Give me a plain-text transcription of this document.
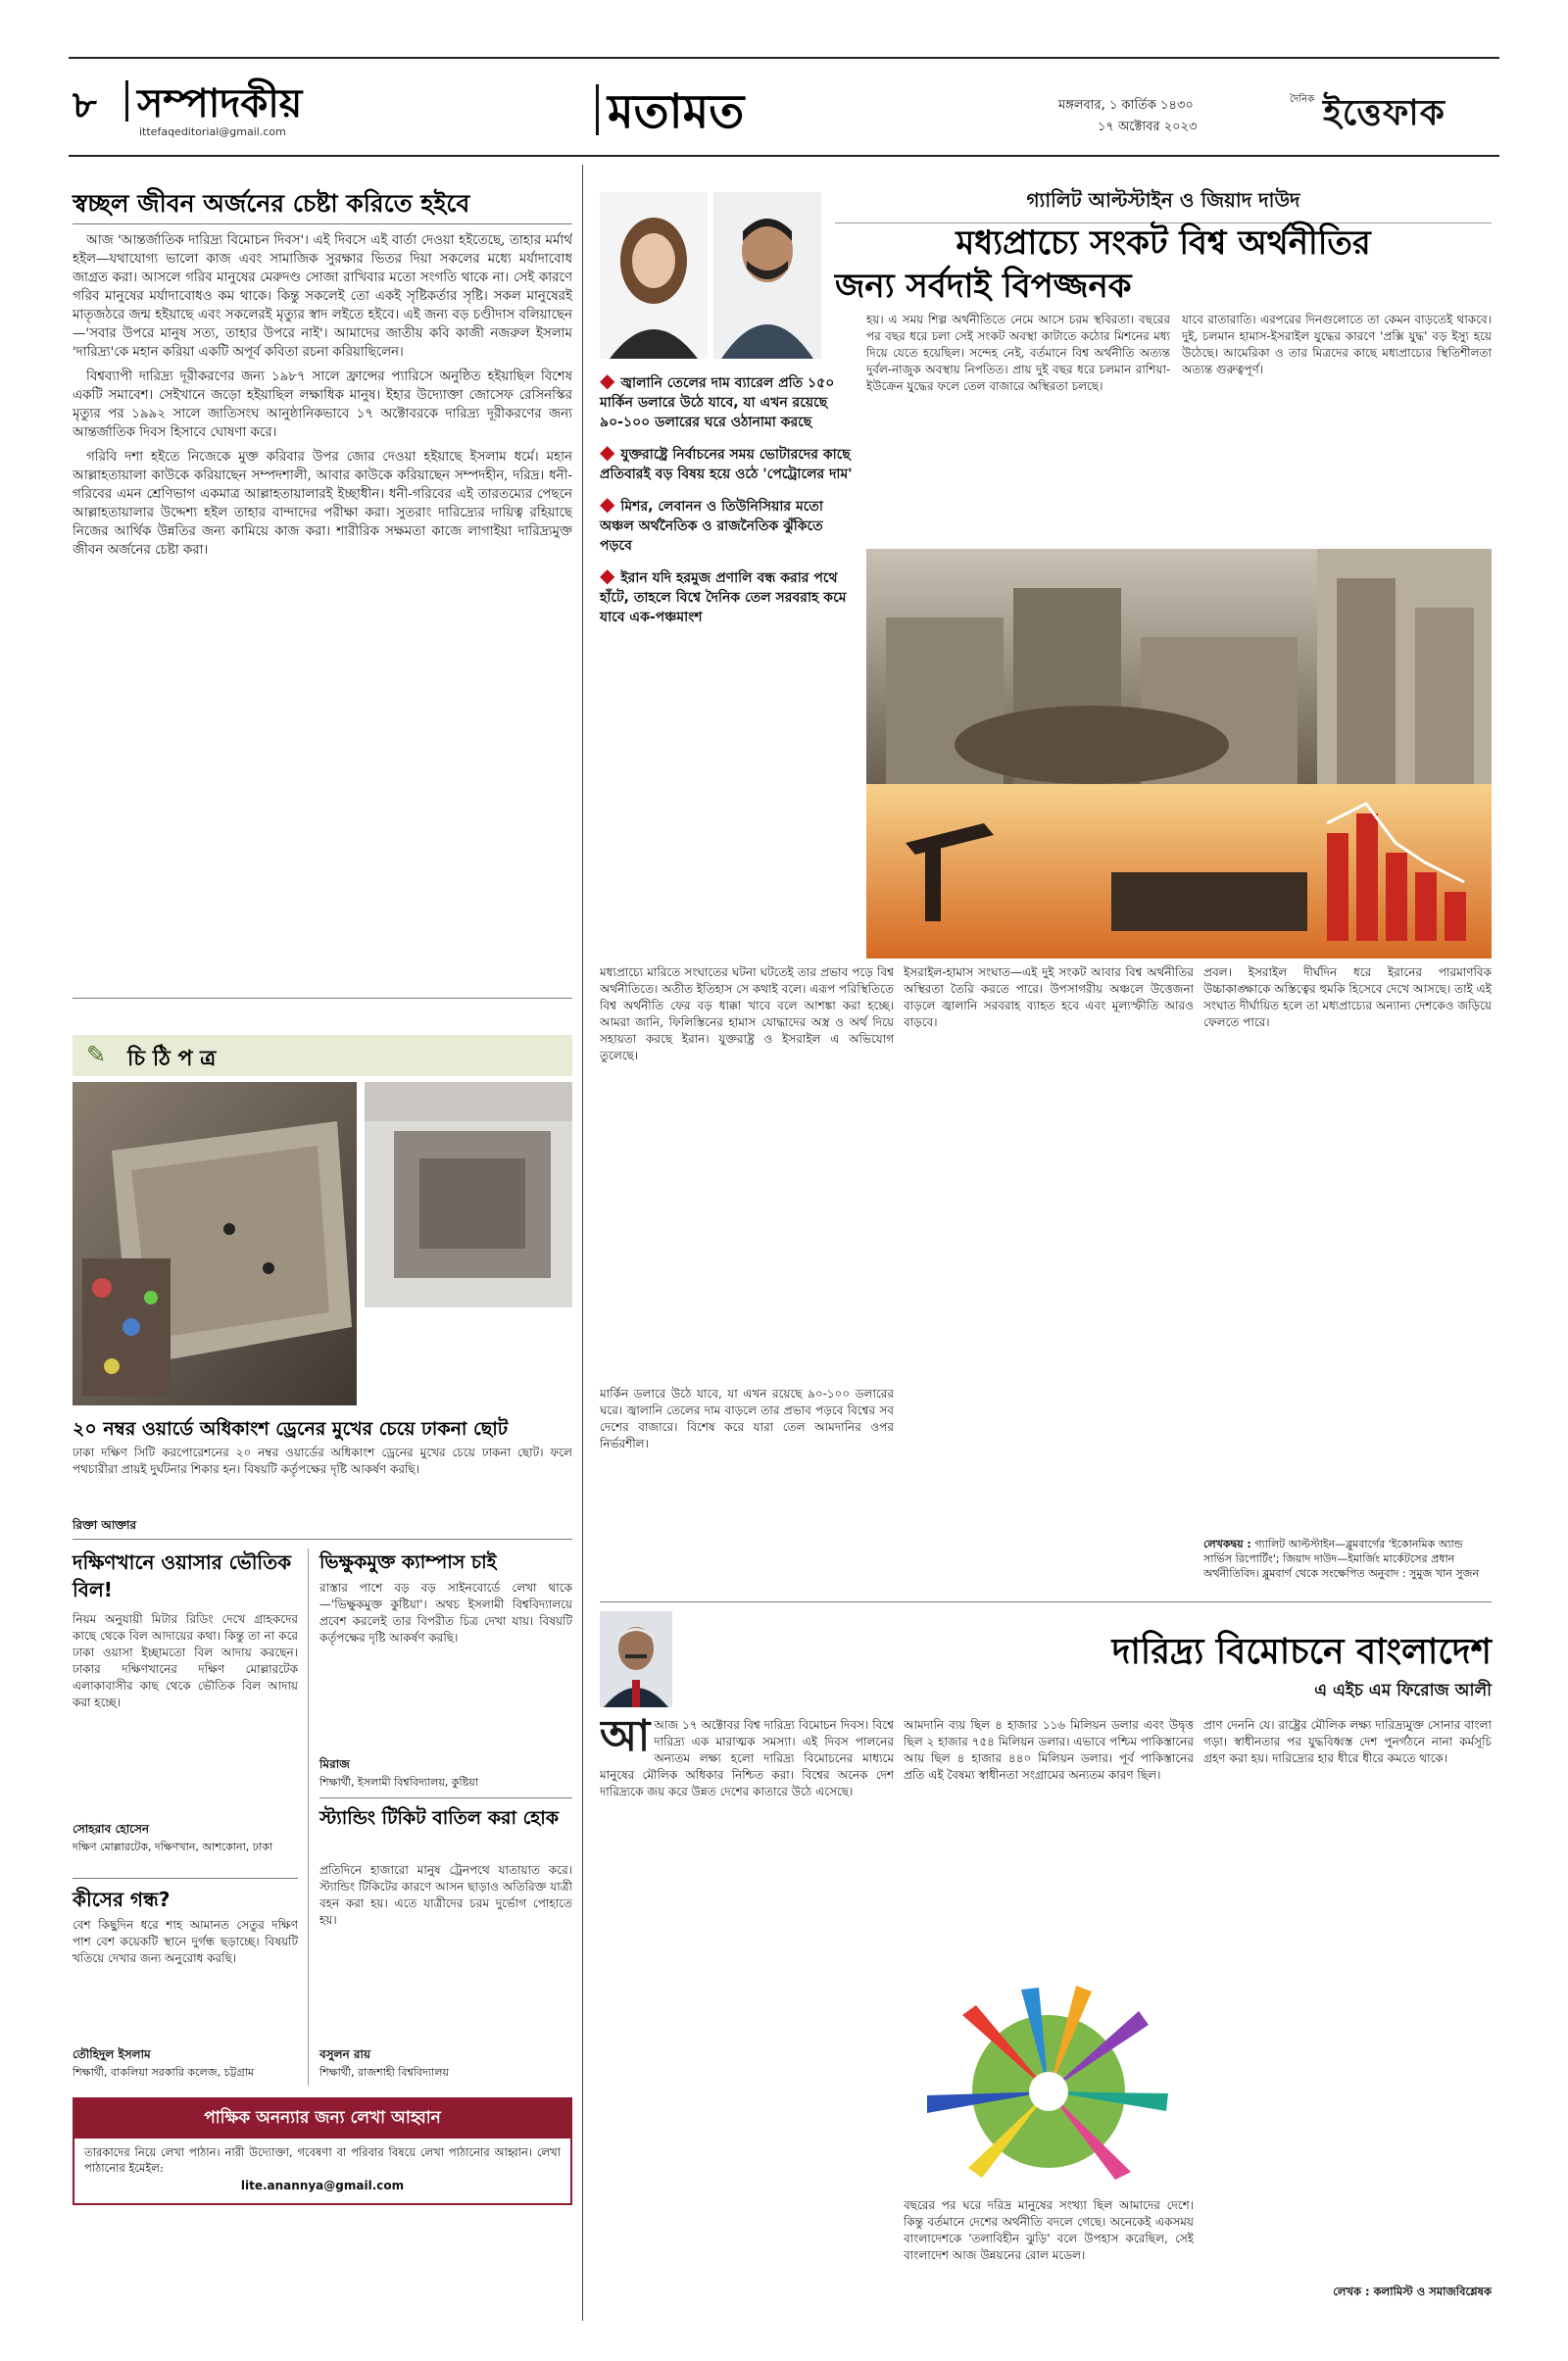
৮ সম্পাদকীয়
ittefaqeditorial@gmail.com	মতামত	মঙ্গলবার, ১ কার্তিক ১৪৩০
১৭ অক্টোবর ২০২৩
দৈনিক ইত্তেফাক
স্বচ্ছল জীবন অর্জনের চেষ্টা করিতে হইবে

আজ 'আন্তর্জাতিক দারিদ্র্য বিমোচন দিবস'। এই দিবসে এই বার্তা দেওয়া হইতেছে, তাহার মর্মার্থ হইল—যথাযোগ্য ভালো কাজ এবং সামাজিক সুরক্ষার ভিতর দিয়া সকলের মধ্যে মর্যাদাবোধ জাগ্রত করা। আসলে গরিব মানুষের মেরুদণ্ড সোজা রাখিবার মতো সংগতি থাকে না। সেই কারণে গরিব মানুষের মর্যাদাবোধও কম থাকে। কিন্তু সকলেই তো একই সৃষ্টিকর্তার সৃষ্টি। সকল মানুষেরই মাতৃজঠরে জন্ম হইয়াছে এবং সকলেরই মৃত্যুর স্বাদ লইতে হইবে। এই জন্য বড় চণ্ডীদাস বলিয়াছেন—'সবার উপরে মানুষ সত্য, তাহার উপরে নাই'। আমাদের জাতীয় কবি কাজী নজরুল ইসলাম 'দারিদ্র্য'কে মহান করিয়া একটি অপূর্ব কবিতা রচনা করিয়াছিলেন।

বিশ্বব্যাপী দারিদ্র্য দূরীকরণের জন্য ১৯৮৭ সালে ফ্রান্সের প্যারিসে অনুষ্ঠিত হইয়াছিল বিশেষ একটি সমাবেশ। সেইখানে জড়ো হইয়াছিল লক্ষাধিক মানুষ। ইহার উদ্যোক্তা জোসেফ রেসিনস্কির মৃত্যুর পর ১৯৯২ সালে জাতিসংঘ আনুষ্ঠানিকভাবে ১৭ অক্টোবরকে দারিদ্র্য দূরীকরণের জন্য আন্তর্জাতিক দিবস হিসাবে ঘোষণা করে।

গরিবি দশা হইতে নিজেকে মুক্ত করিবার উপর জোর দেওয়া হইয়াছে ইসলাম ধর্মে। মহান আল্লাহতায়ালা কাউকে করিয়াছেন সম্পদশালী, আবার কাউকে করিয়াছেন সম্পদহীন, দরিদ্র। ধনী-গরিবের এমন শ্রেণিভাগ একমাত্র আল্লাহতায়ালারই ইচ্ছাধীন। ধনী-গরিবের এই তারতম্যের পেছনে আল্লাহতায়ালার উদ্দেশ্য হইল তাহার বান্দাদের পরীক্ষা করা। সুতরাং দারিদ্র্যের দায়িত্ব রহিয়াছে নিজের আর্থিক উন্নতির জন্য কামিয়ে কাজ করা। শারীরিক সক্ষমতা কাজে লাগাইয়া দারিদ্র্যমুক্ত জীবন অর্জনের চেষ্টা করা।

✎ চি ঠি প ত্র
২০ নম্বর ওয়ার্ডে অধিকাংশ ড্রেনের মুখের চেয়ে ঢাকনা ছোট
ঢাকা দক্ষিণ সিটি করপোরেশনের ২০ নম্বর ওয়ার্ডের অধিকাংশ ড্রেনের মুখের চেয়ে ঢাকনা ছোট। ফলে পথচারীরা প্রায়ই দুর্ঘটনার শিকার হন। বিষয়টি কর্তৃপক্ষের দৃষ্টি আকর্ষণ করছি।
রিক্তা আক্তার
দক্ষিণখানে ওয়াসার ভৌতিক বিল!
নিয়ম অনুযায়ী মিটার রিডিং দেখে গ্রাহকদের কাছে থেকে বিল আদায়ের কথা। কিন্তু তা না করে ঢাকা ওয়াসা ইচ্ছামতো বিল আদায় করছেন। ঢাকার দক্ষিণখানের দক্ষিণ মোল্লারটেক এলাকাবাসীর কাছ থেকে ভৌতিক বিল আদায় করা হচ্ছে।
সোহরাব হোসেন
দক্ষিণ মোল্লারটেক, দক্ষিণখান, আশকোনা, ঢাকা
কীসের গন্ধ?
বেশ কিছুদিন ধরে শাহ আমানত সেতুর দক্ষিণ পাশ বেশ কয়েকটি স্থানে দুর্গন্ধ ছড়াচ্ছে। বিষয়টি খতিয়ে দেখার জন্য অনুরোধ করছি।
তৌহিদুল ইসলাম
শিক্ষার্থী, বাকলিয়া সরকারি কলেজ, চট্টগ্রাম
ভিক্ষুকমুক্ত ক্যাম্পাস চাই
রাস্তার পাশে বড় বড় সাইনবোর্ডে লেখা থাকে—'ভিক্ষুকমুক্ত কুষ্টিয়া'। অথচ ইসলামী বিশ্ববিদ্যালয়ে প্রবেশ করলেই তার বিপরীত চিত্র দেখা যায়। বিষয়টি কর্তৃপক্ষের দৃষ্টি আকর্ষণ করছি।
মিরাজ
শিক্ষার্থী, ইসলামী বিশ্ববিদ্যালয়, কুষ্টিয়া
স্ট্যান্ডিং টিকিট বাতিল করা হোক
প্রতিদিনে হাজারো মানুষ ট্রেনপথে যাতায়াত করে। স্ট্যান্ডিং টিকিটের কারণে আসন ছাড়াও অতিরিক্ত যাত্রী বহন করা হয়। এতে যাত্রীদের চরম দুর্ভোগ পোহাতে হয়।
বসুলন রায়
শিক্ষার্থী, রাজশাহী বিশ্ববিদ্যালয়
পাক্ষিক অনন্যার জন্য লেখা আহ্বান
তারকাদের নিয়ে লেখা পাঠান। নারী উদ্যোক্তা, গবেষণা বা পরিবার বিষয়ে লেখা পাঠানোর আহ্বান। লেখা পাঠানোর ইমেইল:
lite.anannya@gmail.com
গ্যালিট আল্টস্টাইন ও জিয়াদ দাউদ
মধ্যপ্রাচ্যে সংকট বিশ্ব অর্থনীতির
জন্য সর্বদাই বিপজ্জনক
◆ জ্বালানি তেলের দাম ব্যারেল প্রতি ১৫০ মার্কিন ডলারে উঠে যাবে, যা এখন রয়েছে ৯০-১০০ ডলারের ঘরে ওঠানামা করছে
◆ যুক্তরাষ্ট্রে নির্বাচনের সময় ভোটারদের কাছে প্রতিবারই বড় বিষয় হয়ে ওঠে 'পেট্রোলের দাম'
◆ মিশর, লেবানন ও তিউনিসিয়ার মতো অঞ্চল অর্থনৈতিক ও রাজনৈতিক ঝুঁকিতে পড়বে
◆ ইরান যদি হরমুজ প্রণালি বন্ধ করার পথে হাঁটে, তাহলে বিশ্বে দৈনিক তেল সরবরাহ কমে যাবে এক-পঞ্চমাংশ
হয়। এ সময় শিল্প অর্থনীতিতে নেমে আসে চরম স্থবিরতা। বছরের পর বছর ধরে চলা সেই সংকট অবস্থা কাটাতে কঠোর মিশনের মধ্য দিয়ে যেতে হয়েছিল। সন্দেহ নেই, বর্তমানে বিশ্ব অর্থনীতি অত্যন্ত দুর্বল-নাজুক অবস্থায় নিপতিত। প্রায় দুই বছর ধরে চলমান রাশিয়া-ইউক্রেন যুদ্ধের ফলে তেল বাজারে অস্থিরতা চলছে।
যাবে রাতারাতি। এরপরের দিনগুলোতে তা কেমন বাড়তেই থাকবে। দুই, চলমান হামাস-ইসরাইল যুদ্ধের কারণে 'প্রক্সি যুদ্ধ' বড় ইস্যু হয়ে উঠেছে। আমেরিকা ও তার মিত্রদের কাছে মধ্যপ্রাচ্যের স্থিতিশীলতা অত্যন্ত গুরুত্বপূর্ণ।
মধ্যপ্রাচ্যে মারিতে সংঘাতের ঘটনা ঘটতেই তার প্রভাব পড়ে বিশ্ব অর্থনীতিতে। অতীত ইতিহাস সে কথাই বলে। এরূপ পরিস্থিতিতে বিশ্ব অর্থনীতি ফের বড় ধাক্কা খাবে বলে আশঙ্কা করা হচ্ছে। আমরা জানি, ফিলিস্তিনের হামাস যোদ্ধাদের অস্ত্র ও অর্থ দিয়ে সহায়তা করছে ইরান। যুক্তরাষ্ট্র ও ইসরাইল এ অভিযোগ তুলেছে।
মার্কিন ডলারে উঠে যাবে, যা এখন রয়েছে ৯০-১০০ ডলারের ঘরে। জ্বালানি তেলের দাম বাড়লে তার প্রভাব পড়বে বিশ্বের সব দেশের বাজারে। বিশেষ করে যারা তেল আমদানির ওপর নির্ভরশীল।
ইসরাইল-হামাস সংঘাত—এই দুই সংকট আবার বিশ্ব অর্থনীতির অস্থিরতা তৈরি করতে পারে। উপসাগরীয় অঞ্চলে উত্তেজনা বাড়লে জ্বালানি সরবরাহ ব্যাহত হবে এবং মূল্যস্ফীতি আরও বাড়বে।
প্রবল। ইসরাইল দীর্ঘদিন ধরে ইরানের পারমাণবিক উচ্চাকাঙ্ক্ষাকে অস্তিত্বের হুমকি হিসেবে দেখে আসছে। তাই এই সংঘাত দীর্ঘায়িত হলে তা মধ্যপ্রাচ্যের অন্যান্য দেশকেও জড়িয়ে ফেলতে পারে।
লেখকদ্বয় : গ্যালিট আল্টস্টাইন—ব্লুমবার্গের 'ইকোনমিক অ্যান্ড সার্ভিস রিপোর্টিং'; জিয়াদ দাউদ—ইমার্জিং মার্কেটসের প্রধান অর্থনীতিবিদ। ব্লুমবার্গ থেকে সংক্ষেপিত অনুবাদ : সুমুজ খান সুজন
দারিদ্র্য বিমোচনে বাংলাদেশ
এ এইচ এম ফিরোজ আলী
আ আজ ১৭ অক্টোবর বিশ্ব দারিদ্র্য বিমোচন দিবস। বিশ্বে দারিদ্র্য এক মারাত্মক সমস্যা। এই দিবস পালনের অন্যতম লক্ষ্য হলো দারিদ্র্য বিমোচনের মাধ্যমে মানুষের মৌলিক অধিকার নিশ্চিত করা। বিশ্বের অনেক দেশ দারিদ্র্যকে জয় করে উন্নত দেশের কাতারে উঠে এসেছে।
আমদানি ব্যয় ছিল ৪ হাজার ১১৬ মিলিয়ন ডলার এবং উদ্বৃত্ত ছিল ২ হাজার ৭৫৪ মিলিয়ন ডলার। এভাবে পশ্চিম পাকিস্তানের আয় ছিল ৪ হাজার ৪৪০ মিলিয়ন ডলার। পূর্ব পাকিস্তানের প্রতি এই বৈষম্য স্বাধীনতা সংগ্রামের অন্যতম কারণ ছিল।
প্রাণ দেননি যে। রাষ্ট্রের মৌলিক লক্ষ্য দারিদ্র্যমুক্ত সোনার বাংলা গড়া। স্বাধীনতার পর যুদ্ধবিধ্বস্ত দেশ পুনর্গঠনে নানা কর্মসূচি গ্রহণ করা হয়। দারিদ্র্যের হার ধীরে ধীরে কমতে থাকে।
বছরের পর ঘরে দরিদ্র মানুষের সংখ্যা ছিল আমাদের দেশে। কিন্তু বর্তমানে দেশের অর্থনীতি বদলে গেছে। অনেকেই একসময় বাংলাদেশকে 'তলাবিহীন ঝুড়ি' বলে উপহাস করেছিল, সেই বাংলাদেশ আজ উন্নয়নের রোল মডেল।
লেখক : কলামিস্ট ও সমাজবিশ্লেষক
